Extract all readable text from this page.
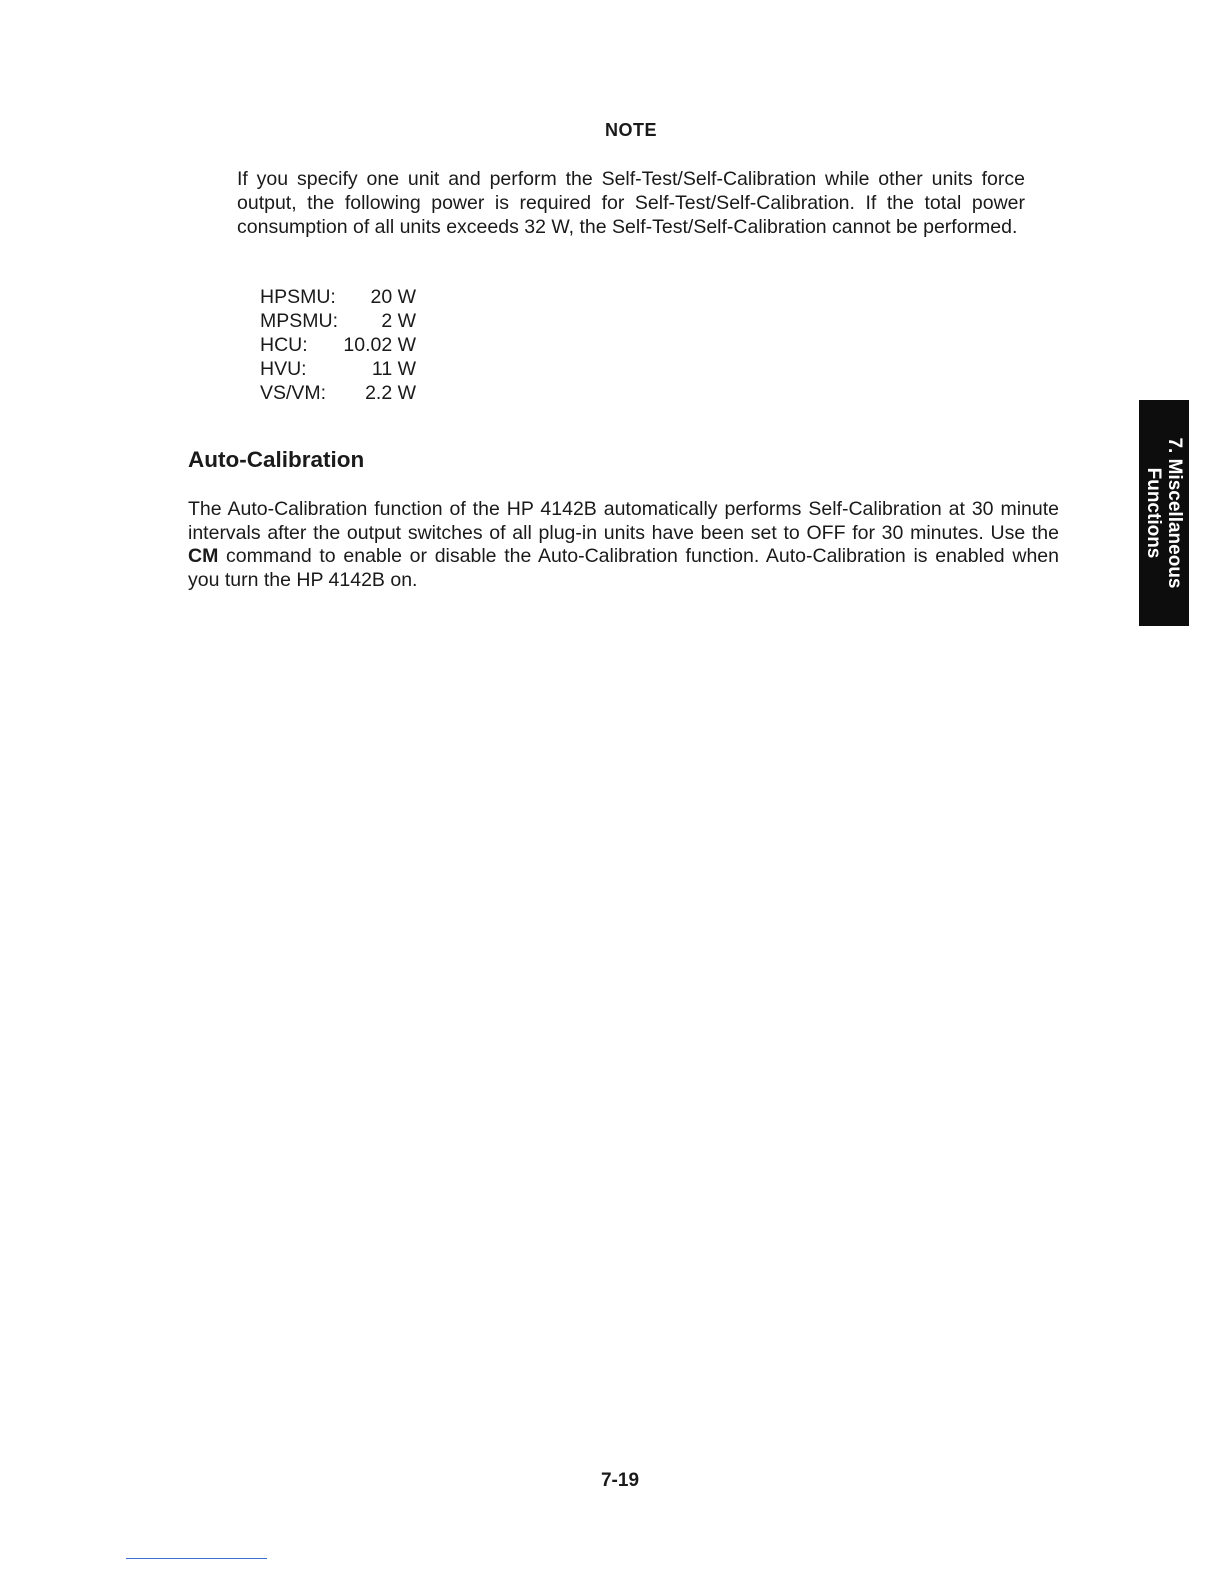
NOTE

If you specify one unit and perform the Self-Test/Self-Calibration while other units force output, the following power is required for Self-Test/Self-Calibration. If the total power consumption of all units exceeds 32 W, the Self-Test/Self-Calibration cannot be performed.

HPSMU:	20 W
MPSMU:	2 W
HCU:	10.02 W
HVU:	11 W
VS/VM:	2.2 W
Auto-Calibration

The Auto-Calibration function of the HP 4142B automatically performs Self-Calibration at 30 minute intervals after the output switches of all plug-in units have been set to OFF for 30 minutes. Use the CM command to enable or disable the Auto-Calibration function. Auto-Calibration is enabled when you turn the HP 4142B on.	7. Miscellaneous
Functions
7-19
